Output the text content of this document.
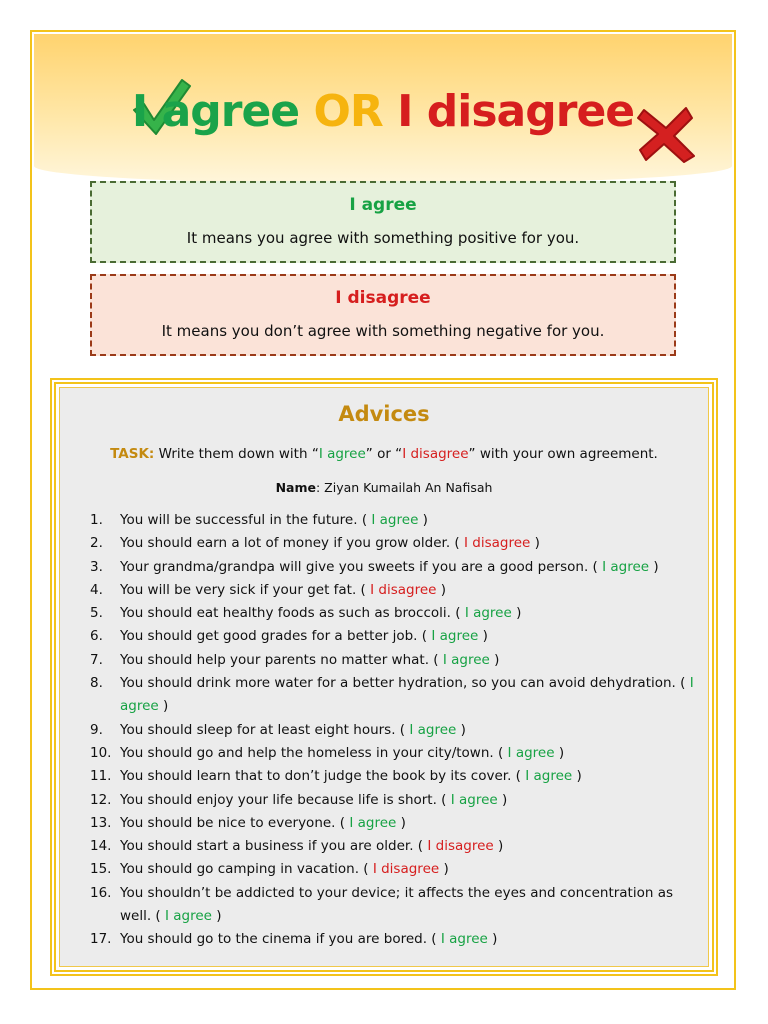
I agree OR I disagree
I agree
It means you agree with something positive for you.
I disagree
It means you don’t agree with something negative for you.
Advices
TASK: Write them down with “I agree” or “I disagree” with your own agreement.
Name: Ziyan Kumailah An Nafisah
1.	You will be successful in the future. ( I agree )
2.	You should earn a lot of money if you grow older. ( I disagree )
3.	Your grandma/grandpa will give you sweets if you are a good person. ( I agree )
4.	You will be very sick if your get fat. ( I disagree )
5.	You should eat healthy foods as such as broccoli. ( I agree )
6.	You should get good grades for a better job. ( I agree )
7.	You should help your parents no matter what. ( I agree )
8.	You should drink more water for a better hydration, so you can avoid dehydration. ( I agree )
9.	You should sleep for at least eight hours. ( I agree )
10. You should go and help the homeless in your city/town. ( I agree )
11. You should learn that to don’t judge the book by its cover. ( I agree )
12. You should enjoy your life because life is short. ( I agree )
13. You should be nice to everyone. ( I agree )
14. You should start a business if you are older. ( I disagree )
15. You should go camping in vacation. ( I disagree )
16. You shouldn’t be addicted to your device; it affects the eyes and concentration as well. ( I agree )
17. You should go to the cinema if you are bored. ( I agree )
